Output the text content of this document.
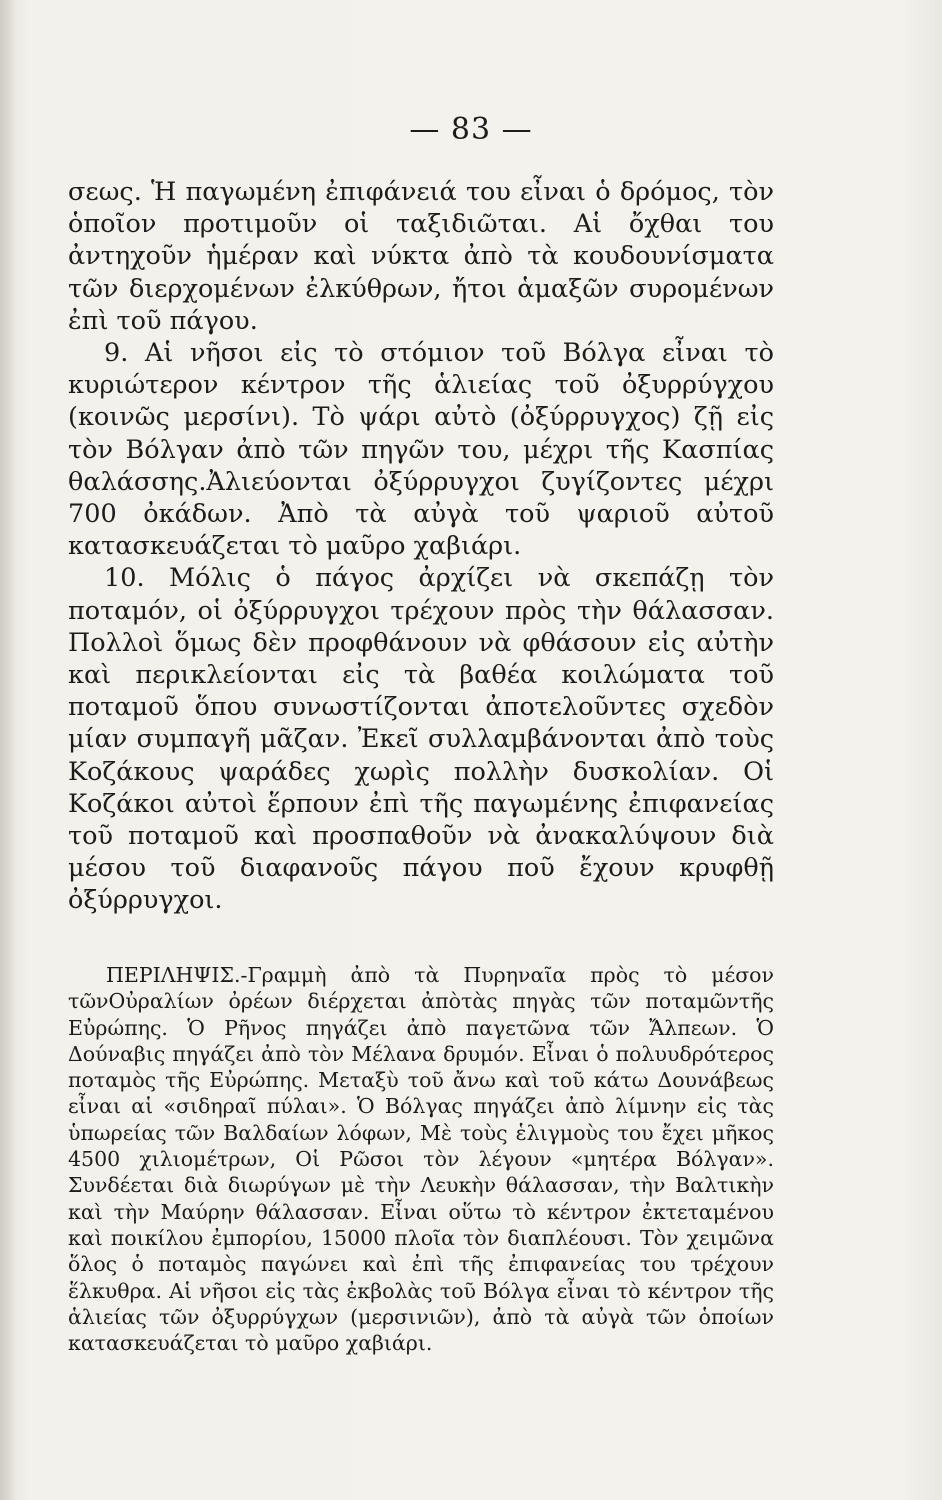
— 83 —

σεως. Ἡ παγωμένη ἐπιφάνειά του εἶναι ὁ δρόμος, τὸν ὁποῖον προτιμοῦν οἱ ταξιδιῶται. Αἱ ὄχθαι του ἀντηχοῦν ἡμέραν καὶ νύκτα ἀπὸ τὰ κουδουνίσματα τῶν διερχομένων ἐλκύθρων, ἤτοι ἁμαξῶν συρομένων ἐπὶ τοῦ πάγου.

9. Αἱ νῆσοι εἰς τὸ στόμιον τοῦ Βόλγα εἶναι τὸ κυριώτερον κέντρον τῆς ἁλιείας τοῦ ὀξυρρύγχου (κοινῶς μερσίνι). Τὸ ψάρι αὐτὸ (ὀξύρρυγχος) ζῇ εἰς τὸν Βόλγαν ἀπὸ τῶν πηγῶν του, μέχρι τῆς Κασπίας θαλάσσης.Ἀλιεύονται ὀξύρρυγχοι ζυγίζοντες μέχρι 700 ὀκάδων. Ἀπὸ τὰ αὐγὰ τοῦ ψαριοῦ αὐτοῦ κατασκευάζεται τὸ μαῦρο χαβιάρι.

10. Μόλις ὁ πάγος ἀρχίζει νὰ σκεπάζῃ τὸν ποταμόν, οἱ ὀξύρρυγχοι τρέχουν πρὸς τὴν θάλασσαν. Πολλοὶ ὅμως δὲν προφθάνουν νὰ φθάσουν εἰς αὐτὴν καὶ περικλείονται εἰς τὰ βαθέα κοιλώματα τοῦ ποταμοῦ ὅπου συνωστίζονται ἀποτελοῦντες σχεδὸν μίαν συμπαγῆ μᾶζαν. Ἐκεῖ συλλαμβάνονται ἀπὸ τοὺς Κοζάκους ψαράδες χωρὶς πολλὴν δυσκολίαν. Οἱ Κοζάκοι αὐτοὶ ἕρπουν ἐπὶ τῆς παγωμένης ἐπιφανείας τοῦ ποταμοῦ καὶ προσπαθοῦν νὰ ἀνακαλύψουν διὰ μέσου τοῦ διαφανοῦς πάγου ποῦ ἔχουν κρυφθῇ ὀξύρρυγχοι.

ΠΕΡΙΛΗΨΙΣ.-Γραμμὴ ἀπὸ τὰ Πυρηναῖα πρὸς τὸ μέσον τῶνΟὐραλίων ὀρέων διέρχεται ἀπὸτὰς πηγὰς τῶν ποταμῶντῆς Εὐρώπης. Ὁ Ρῆνος πηγάζει ἀπὸ παγετῶνα τῶν Ἄλπεων. Ὁ Δούναβις πηγάζει ἀπὸ τὸν Μέλανα δρυμόν. Εἶναι ὁ πολυυδρότερος ποταμὸς τῆς Εὐρώπης. Μεταξὺ τοῦ ἄνω καὶ τοῦ κάτω Δουνάβεως εἶναι αἱ «σιδηραῖ πύλαι». Ὁ Βόλγας πηγάζει ἀπὸ λίμνην εἰς τὰς ὑπωρείας τῶν Βαλδαίων λόφων, Μὲ τοὺς ἑλιγμοὺς του ἔχει μῆκος 4500 χιλιομέτρων, Οἱ Ρῶσοι τὸν λέγουν «μητέρα Βόλγαν». Συνδέεται διὰ διωρύγων μὲ τὴν Λευκὴν θάλασσαν, τὴν Βαλτικὴν καὶ τὴν Μαύρην θάλασσαν. Εἶναι οὕτω τὸ κέντρον ἐκτεταμένου καὶ ποικίλου ἐμπορίου, 15000 πλοῖα τὸν διαπλέουσι. Τὸν χειμῶνα ὅλος ὁ ποταμὸς παγώνει καὶ ἐπὶ τῆς ἐπιφανείας του τρέχουν ἕλκυθρα. Αἱ νῆσοι εἰς τὰς ἐκβολὰς τοῦ Βόλγα εἶναι τὸ κέντρον τῆς ἁλιείας τῶν ὀξυρρύγχων (μερσινιῶν), ἀπὸ τὰ αὐγὰ τῶν ὁποίων κατασκευάζεται τὸ μαῦρο χαβιάρι.
